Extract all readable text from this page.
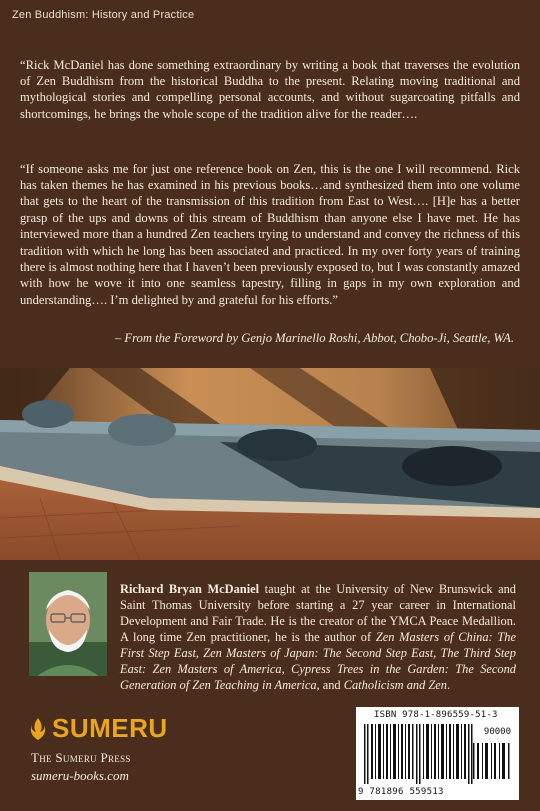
Zen Buddhism: History and Practice

“Rick McDaniel has done something extraordinary by writing a book that traverses the evolution of Zen Buddhism from the historical Buddha to the present. Relating moving traditional and mythological stories and compelling personal accounts, and without sugarcoating pitfalls and shortcomings, he brings the whole scope of the tradition alive for the reader….

“If someone asks me for just one reference book on Zen, this is the one I will recommend. Rick has taken themes he has examined in his previous books…and synthesized them into one volume that gets to the heart of the transmission of this tradition from East to West…. [H]e has a better grasp of the ups and downs of this stream of Buddhism than anyone else I have met. He has interviewed more than a hundred Zen teachers trying to understand and convey the richness of this tradition with which he long has been associated and practiced. In my over forty years of training there is almost nothing here that I haven’t been previously exposed to, but I was constantly amazed with how he wove it into one seamless tapestry, filling in gaps in my own exploration and understanding…. I’m delighted by and grateful for his efforts.”

– From the Foreword by Genjo Marinello Roshi, Abbot, Chobo-Ji, Seattle, WA.

Richard Bryan McDaniel taught at the University of New Brunswick and Saint Thomas University before starting a 27 year career in International Development and Fair Trade. He is the creator of the YMCA Peace Medallion. A long time Zen practitioner, he is the author of Zen Masters of China: The First Step East, Zen Masters of Japan: The Second Step East, The Third Step East: Zen Masters of America, Cypress Trees in the Garden: The Second Generation of Zen Teaching in America, and Catholicism and Zen.

SUMERU
The Sumeru Press
sumeru-books.com
ISBN 978-1-896559-51-3
90000
9 781896 559513
